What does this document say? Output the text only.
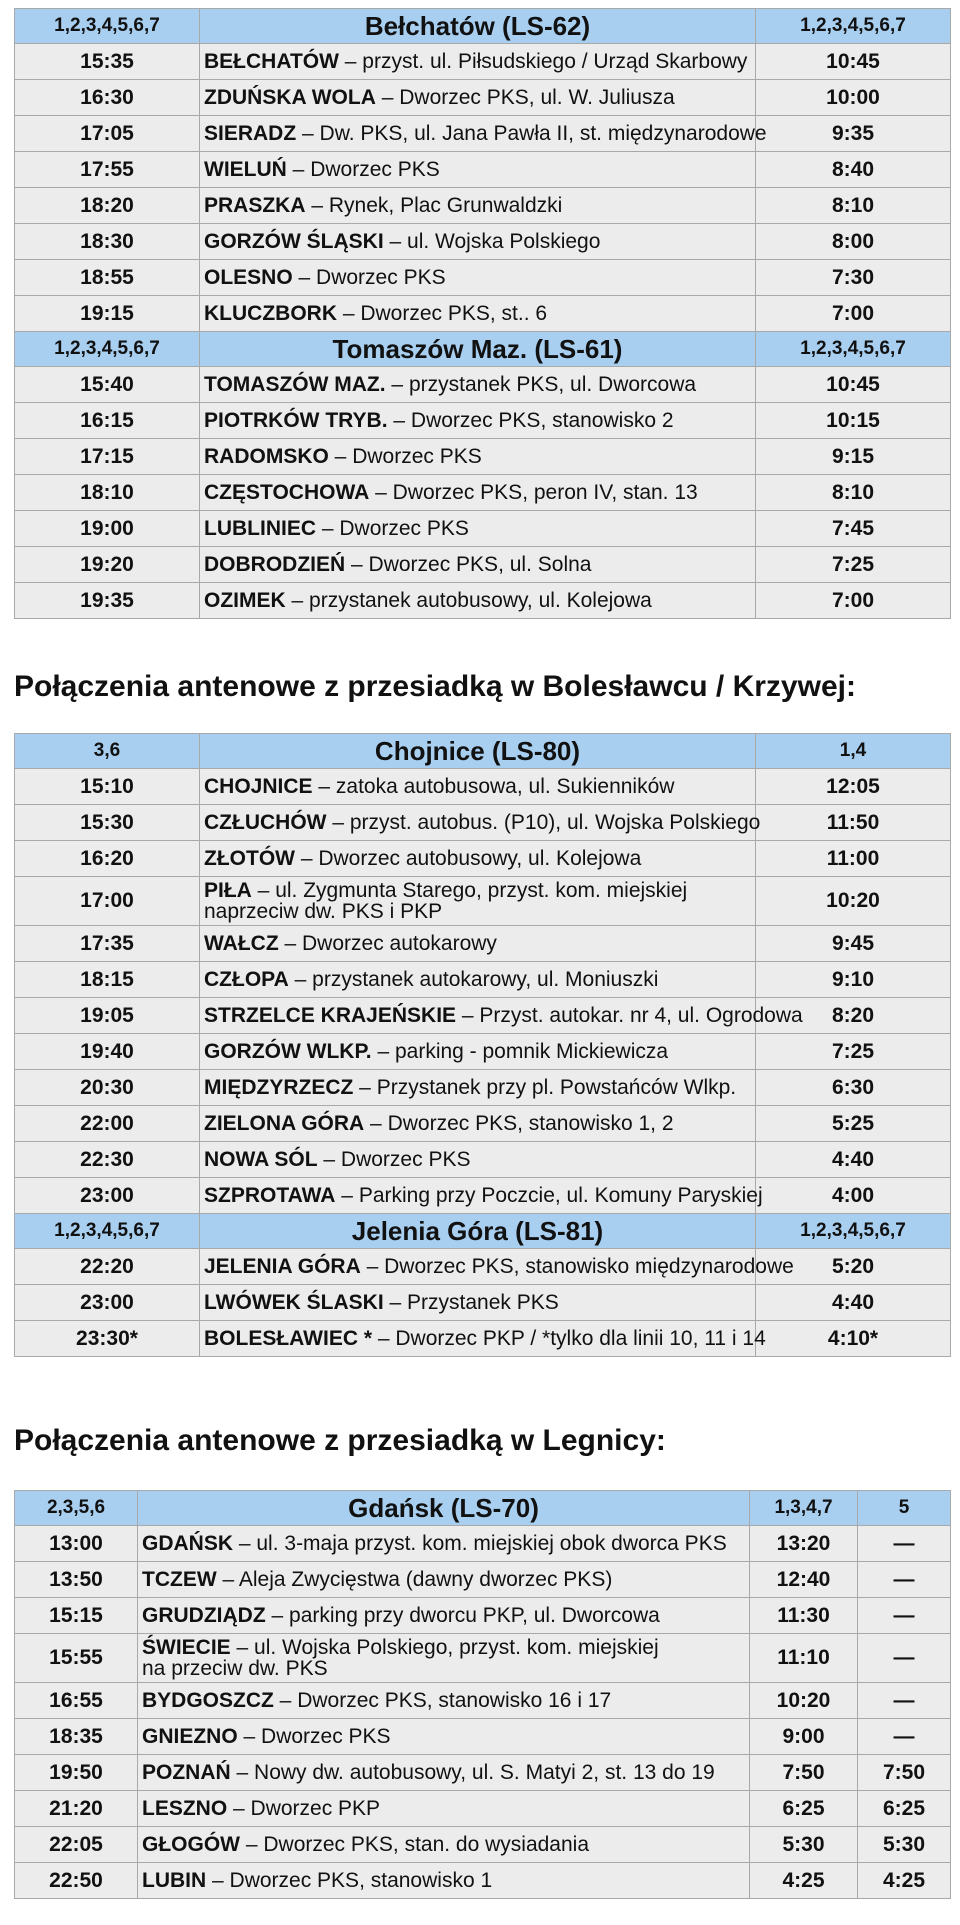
1,2,3,4,5,6,7	Bełchatów (LS-62)	1,2,3,4,5,6,7
15:35	BEŁCHATÓW – przyst. ul. Piłsudskiego / Urząd Skarbowy	10:45
16:30	ZDUŃSKA WOLA – Dworzec PKS, ul. W. Juliusza	10:00
17:05	SIERADZ – Dw. PKS, ul. Jana Pawła II, st. międzynarodowe	9:35
17:55	WIELUŃ – Dworzec PKS	8:40
18:20	PRASZKA – Rynek, Plac Grunwaldzki	8:10
18:30	GORZÓW ŚLĄSKI – ul. Wojska Polskiego	8:00
18:55	OLESNO – Dworzec PKS	7:30
19:15	KLUCZBORK – Dworzec PKS, st.. 6	7:00
1,2,3,4,5,6,7	Tomaszów Maz. (LS-61)	1,2,3,4,5,6,7
15:40	TOMASZÓW MAZ. – przystanek PKS, ul. Dworcowa	10:45
16:15	PIOTRKÓW TRYB. – Dworzec PKS, stanowisko 2	10:15
17:15	RADOMSKO – Dworzec PKS	9:15
18:10	CZĘSTOCHOWA – Dworzec PKS, peron IV, stan. 13	8:10
19:00	LUBLINIEC – Dworzec PKS	7:45
19:20	DOBRODZIEŃ – Dworzec PKS, ul. Solna	7:25
19:35	OZIMEK – przystanek autobusowy, ul. Kolejowa	7:00
Połączenia antenowe z przesiadką w Bolesławcu / Krzywej:
3,6	Chojnice (LS-80)	1,4
15:10	CHOJNICE – zatoka autobusowa, ul. Sukienników	12:05
15:30	CZŁUCHÓW – przyst. autobus. (P10), ul. Wojska Polskiego	11:50
16:20	ZŁOTÓW – Dworzec autobusowy, ul. Kolejowa	11:00
17:00	PIŁA – ul. Zygmunta Starego, przyst. kom. miejskiej
naprzeciw dw. PKS i PKP	10:20
17:35	WAŁCZ – Dworzec autokarowy	9:45
18:15	CZŁOPA – przystanek autokarowy, ul. Moniuszki	9:10
19:05	STRZELCE KRAJEŃSKIE – Przyst. autokar. nr 4, ul. Ogrodowa	8:20
19:40	GORZÓW WLKP. – parking - pomnik Mickiewicza	7:25
20:30	MIĘDZYRZECZ – Przystanek przy pl. Powstańców Wlkp.	6:30
22:00	ZIELONA GÓRA – Dworzec PKS, stanowisko 1, 2	5:25
22:30	NOWA SÓL – Dworzec PKS	4:40
23:00	SZPROTAWA – Parking przy Poczcie, ul. Komuny Paryskiej	4:00
1,2,3,4,5,6,7	Jelenia Góra (LS-81)	1,2,3,4,5,6,7
22:20	JELENIA GÓRA – Dworzec PKS, stanowisko międzynarodowe	5:20
23:00	LWÓWEK ŚLASKI – Przystanek PKS	4:40
23:30*	BOLESŁAWIEC * – Dworzec PKP / *tylko dla linii 10, 11 i 14	4:10*
Połączenia antenowe z przesiadką w Legnicy:
2,3,5,6	Gdańsk (LS-70)	1,3,4,7	5
13:00	GDAŃSK – ul. 3-maja przyst. kom. miejskiej obok dworca PKS	13:20	—
13:50	TCZEW – Aleja Zwycięstwa (dawny dworzec PKS)	12:40	—
15:15	GRUDZIĄDZ – parking przy dworcu PKP, ul. Dworcowa	11:30	—
15:55	ŚWIECIE – ul. Wojska Polskiego, przyst. kom. miejskiej
na przeciw dw. PKS	11:10	—
16:55	BYDGOSZCZ – Dworzec PKS, stanowisko 16 i 17	10:20	—
18:35	GNIEZNO – Dworzec PKS	9:00	—
19:50	POZNAŃ – Nowy dw. autobusowy, ul. S. Matyi 2, st. 13 do 19	7:50	7:50
21:20	LESZNO – Dworzec PKP	6:25	6:25
22:05	GŁOGÓW – Dworzec PKS, stan. do wysiadania	5:30	5:30
22:50	LUBIN – Dworzec PKS, stanowisko 1	4:25	4:25
